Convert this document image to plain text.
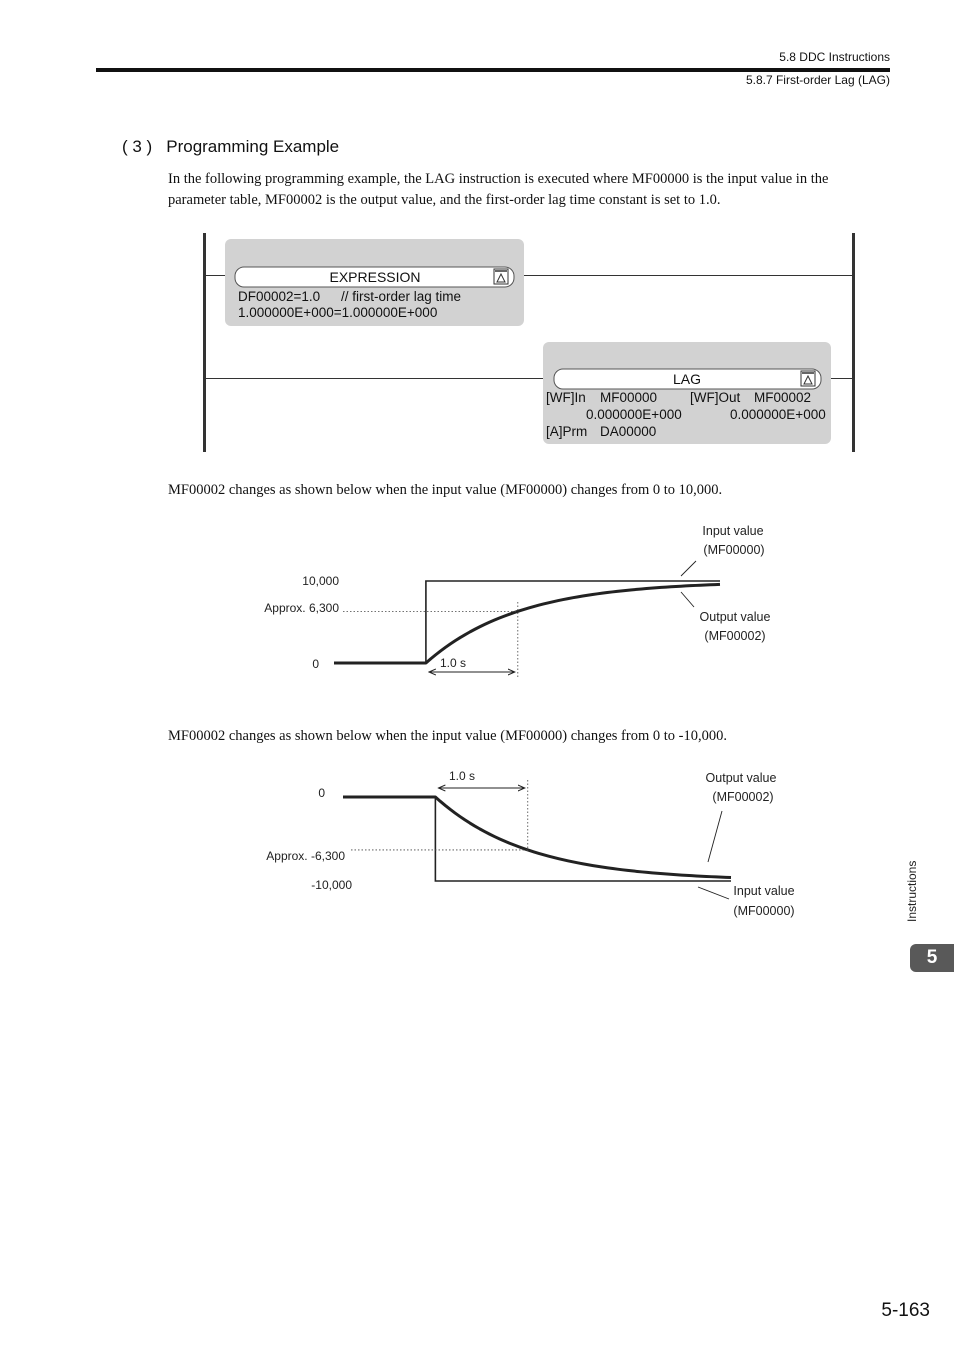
5.8 DDC Instructions
5.8.7 First-order Lag (LAG)
( 3 ) Programming Example
In the following programming example, the LAG instruction is executed where MF00000 is the input value in the parameter table, MF00002 is the output value, and the first-order lag time constant is set to 1.0.
EXPRESSION
DF00002=1.0 // first-order lag time
1.000000E+000=1.000000E+000
LAG
[WF]In MF00000 [WF]Out MF00002
0.000000E+000	0.000000E+000
[A]Prm DA00000
MF00002 changes as shown below when the input value (MF00000) changes from 0 to 10,000.
10,000
Approx. 6,300
0	1.0 s
Input value
(MF00000)
Output value
(MF00002)
MF00002 changes as shown below when the input value (MF00000) changes from 0 to -10,000.
0
Approx. -6,300
-10,000
1.0 s	Output value
(MF00002)
Input value
(MF00000)	Instructions
5
5-163
